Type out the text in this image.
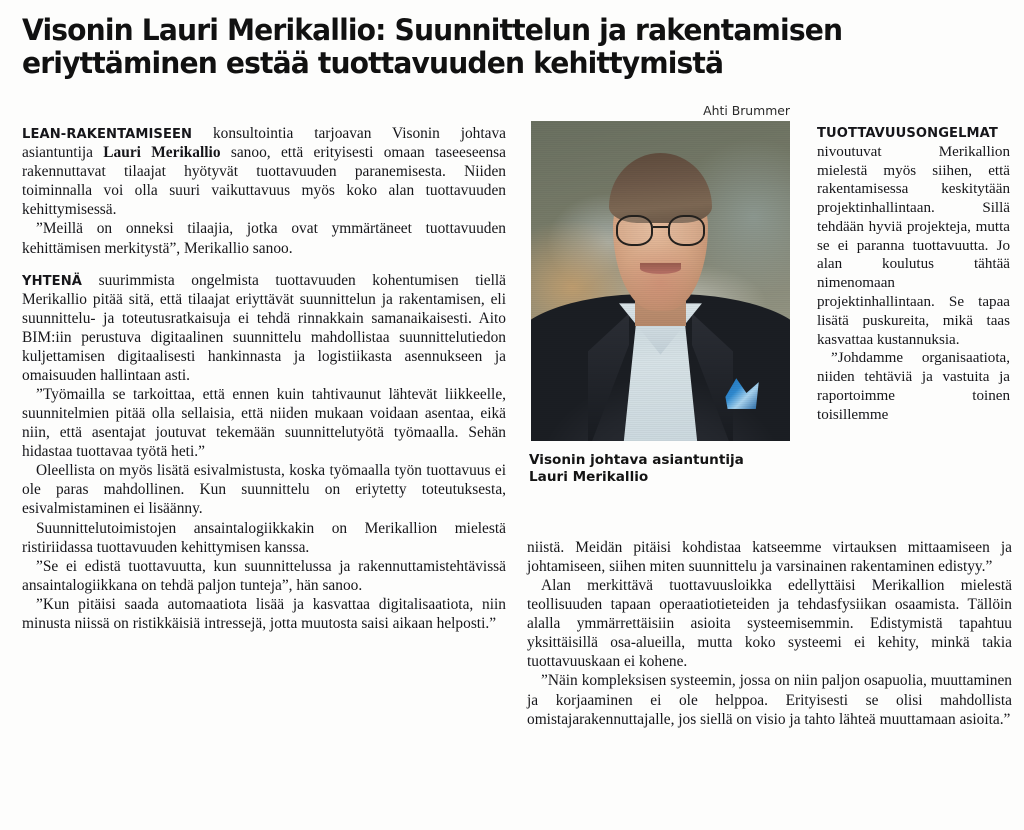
Visonin Lauri Merikallio: Suunnittelun ja rakentamisen eriyttäminen estää tuottavuuden kehittymistä

LEAN-RAKENTAMISEEN konsultointia tarjoavan Visonin johtava asiantuntija Lauri Merikallio sanoo, että erityisesti omaan taseeseensa rakennuttavat tilaajat hyötyvät tuottavuuden paranemisesta. Niiden toiminnalla voi olla suuri vaikuttavuus myös koko alan tuottavuuden kehittymisessä.

”Meillä on onneksi tilaajia, jotka ovat ymmärtäneet tuottavuuden kehittämisen merkitystä”, Merikallio sanoo.

YHTENÄ suurimmista ongelmista tuottavuuden kohentumisen tiellä Merikallio pitää sitä, että tilaajat eriyttävät suunnittelun ja rakentamisen, eli suunnittelu- ja toteutusratkaisuja ei tehdä rinnakkain samanaikaisesti. Aito BIM:iin perustuva digitaalinen suunnittelu mahdollistaa suunnittelutiedon kuljettamisen digitaalisesti hankinnasta ja logistiikasta asennukseen ja omaisuuden hallintaan asti.

”Työmailla se tarkoittaa, että ennen kuin tahtivaunut lähtevät liikkeelle, suunnitelmien pitää olla sellaisia, että niiden mukaan voidaan asentaa, eikä niin, että asentajat joutuvat tekemään suunnittelutyötä työmaalla. Sehän hidastaa tuottavaa työtä heti.”

Oleellista on myös lisätä esivalmistusta, koska työmaalla työn tuottavuus ei ole paras mahdollinen. Kun suunnittelu on eriytetty toteutuksesta, esivalmistaminen ei lisäänny.

Suunnittelutoimistojen ansaintalogiikkakin on Merikallion mielestä ristiriidassa tuottavuuden kehittymisen kanssa.

”Se ei edistä tuottavuutta, kun suunnittelussa ja rakennuttamistehtävissä ansaintalogiikkana on tehdä paljon tunteja”, hän sanoo.

”Kun pitäisi saada automaatiota lisää ja kasvattaa digitalisaatiota, niin minusta niissä on ristikkäisiä intressejä, jotta muutosta saisi aikaan helposti.”

Ahti Brummer
Visonin johtava asiantuntija
Lauri Merikallio

TUOTTAVUUSONGELMAT nivoutuvat Merikallion mielestä myös siihen, että rakentamisessa keskitytään projektinhallintaan. Sillä tehdään hyviä projekteja, mutta se ei paranna tuottavuutta. Jo alan koulutus tähtää nimenomaan projektinhallintaan. Se tapaa lisätä puskureita, mikä taas kasvattaa kustannuksia.

”Johdamme organisaatiota, niiden tehtäviä ja vastuita ja raportoimme toinen toisillemme

niistä. Meidän pitäisi kohdistaa katseemme virtauksen mittaamiseen ja johtamiseen, siihen miten suunnittelu ja varsinainen rakentaminen edistyy.”

Alan merkittävä tuottavuusloikka edellyttäisi Merikallion mielestä teollisuuden tapaan operaatiotieteiden ja tehdasfysiikan osaamista. Tällöin alalla ymmärrettäisiin asioita systeemisemmin. Edistymistä tapahtuu yksittäisillä osa-alueilla, mutta koko systeemi ei kehity, minkä takia tuottavuuskaan ei kohene.

”Näin kompleksisen systeemin, jossa on niin paljon osapuolia, muuttaminen ja korjaaminen ei ole helppoa. Erityisesti se olisi mahdollista omistajarakennuttajalle, jos siellä on visio ja tahto lähteä muuttamaan asioita.”
